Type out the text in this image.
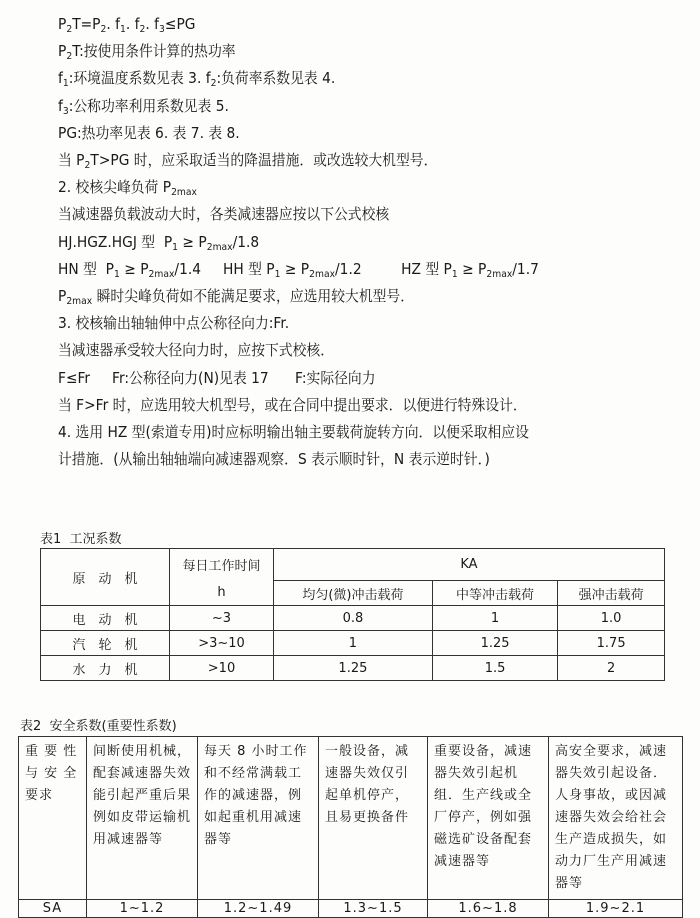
$P_2T=P_2$. $f_1$. $f_2$. $f_3\le PG$
$P_2T$:按使用条件计算的热功率
$f_1$:环境温度系数见表 3. $f_2$:负荷率系数见表 4.
$f_3$:公称功率利用系数见表 5.
PG:热功率见表 6. 表 7. 表 8.
当 $P_2T>PG$ 时，应采取适当的降温措施．或改选较大机型号．
2. 校核尖峰负荷 $P_{2max}$
当减速器负载波动大时，各类减速器应按以下公式校核
HJ.HGZ.HGJ 型  $P_1 \ge P_{2max}/1.8$
HN 型  $P_1 \ge P_{2max}/1.4$     HH 型 $P_1 \ge P_{2max}/1.2$         HZ 型 $P_1 \ge P_{2max}/1.7$
$P_{2max}$ 瞬时尖峰负荷如不能满足要求，应选用较大机型号．
3. 校核输出轴轴伸中点公称径向力:Fr.
当减速器承受较大径向力时，应按下式校核．
F≤Fr     Fr:公称径向力(N)见表 17      F:实际径向力
当 F>Fr 时，应选用较大机型号，或在合同中提出要求．以便进行特殊设计．
4. 选用 HZ 型(索道专用)时应标明输出轴主要载荷旋转方向．以便采取相应设
计措施．(从输出轴轴端向减速器观察．S 表示顺时针，N 表示逆时针．)
表1  工况系数
原　动　机	每日工作时间	KA		
	h	均匀(微)冲击载荷	中等冲击载荷	强冲击载荷
电　动　机	~3	0.8	1	1.0
汽　轮　机	>3~10	1	1.25	1.75
水　力　机	>10	1.25	1.5	2
表2  安全系数(重要性系数)
重 要 性 与 安 全 要求	间断使用机械，配套减速器失效能引起严重后果例如皮带运输机用减速器等	每天 8 小时工作和不经常满载工作的减速器，例如起重机用减速器等	一般设备，减速器失效仅引起单机停产，且易更换备件	重要设备，减速器失效引起机组．生产线或全厂停产，例如强磁选矿设备配套减速器等	高安全要求，减速器失效引起设备．人身事故，或因减速器失效会给社会生产造成损失，如动力厂生产用减速器等
SA	1~1.2	1.2~1.49	1.3~1.5	1.6~1.8	1.9~2.1
